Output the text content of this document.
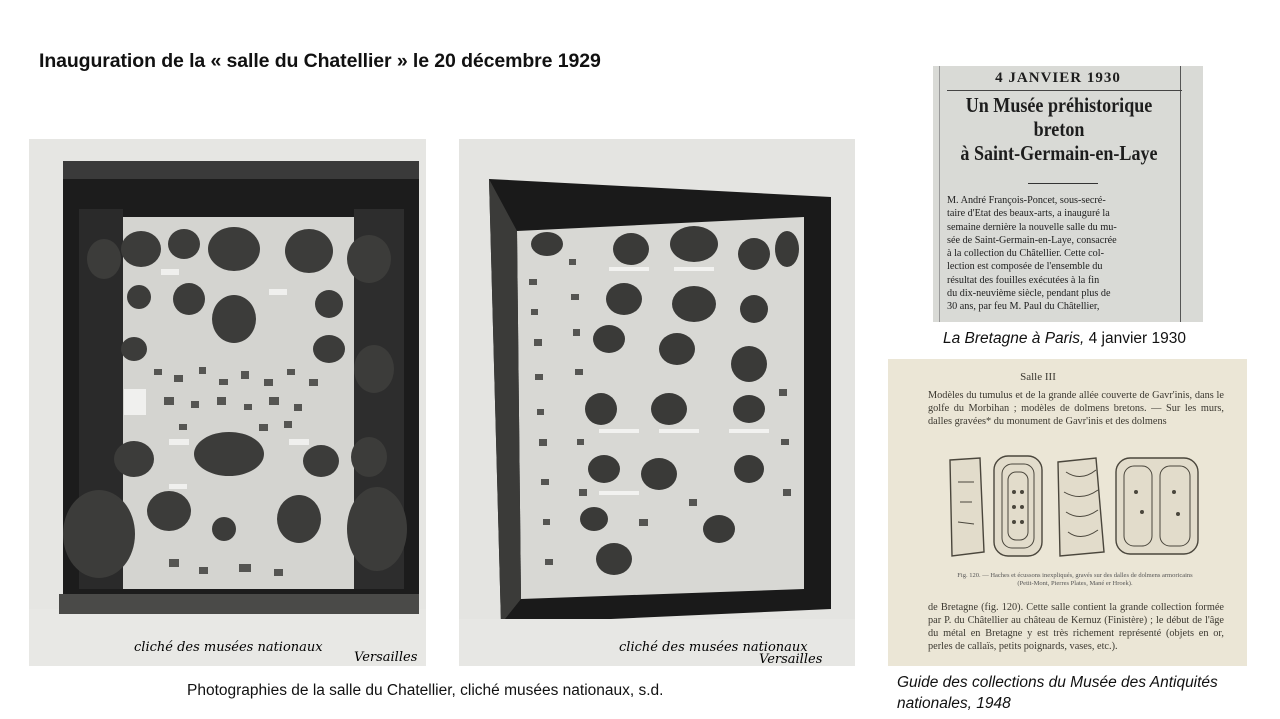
Inauguration de la « salle du Chatellier » le 20 décembre 1929
cliché des musées nationaux
Versailles
cliché des musées nationaux
Versailles
Photographies de la salle du Chatellier, cliché musées nationaux, s.d.
4 JANVIER 1930
Un Musée préhistorique
breton
à Saint-Germain-en-Laye

M. André François-Poncet, sous-secré-

taire d'Etat des beaux-arts, a inauguré la

semaine dernière la nouvelle salle du mu-

sée de Saint-Germain-en-Laye, consacrée

à la collection du Châtellier. Cette col-

lection est composée de l'ensemble du

résultat des fouilles exécutées à la fin

du dix-neuvième siècle, pendant plus de

30 ans, par feu M. Paul du Châtellier,

La Bretagne à Paris, 4 janvier 1930
Salle III
Modèles du tumulus et de la grande allée couverte de Gavr'inis, dans le golfe du Morbihan ; modèles de dolmens bretons. — Sur les murs, dalles gravées* du monument de Gavr'inis et des dolmens
Fig. 120. — Haches et écussons inexpliqués, gravés sur des dalles de dolmens armoricains (Petit-Mont, Pierres Plates, Mané er Hroek).
de Bretagne (fig. 120). Cette salle contient la grande collection formée par P. du Châtellier au château de Kernuz (Finistère) ; le début de l'âge du métal en Bretagne y est très richement représenté (objets en or, perles de callaïs, petits poignards, vases, etc.).
Guide des collections du Musée des Antiquités
nationales, 1948
